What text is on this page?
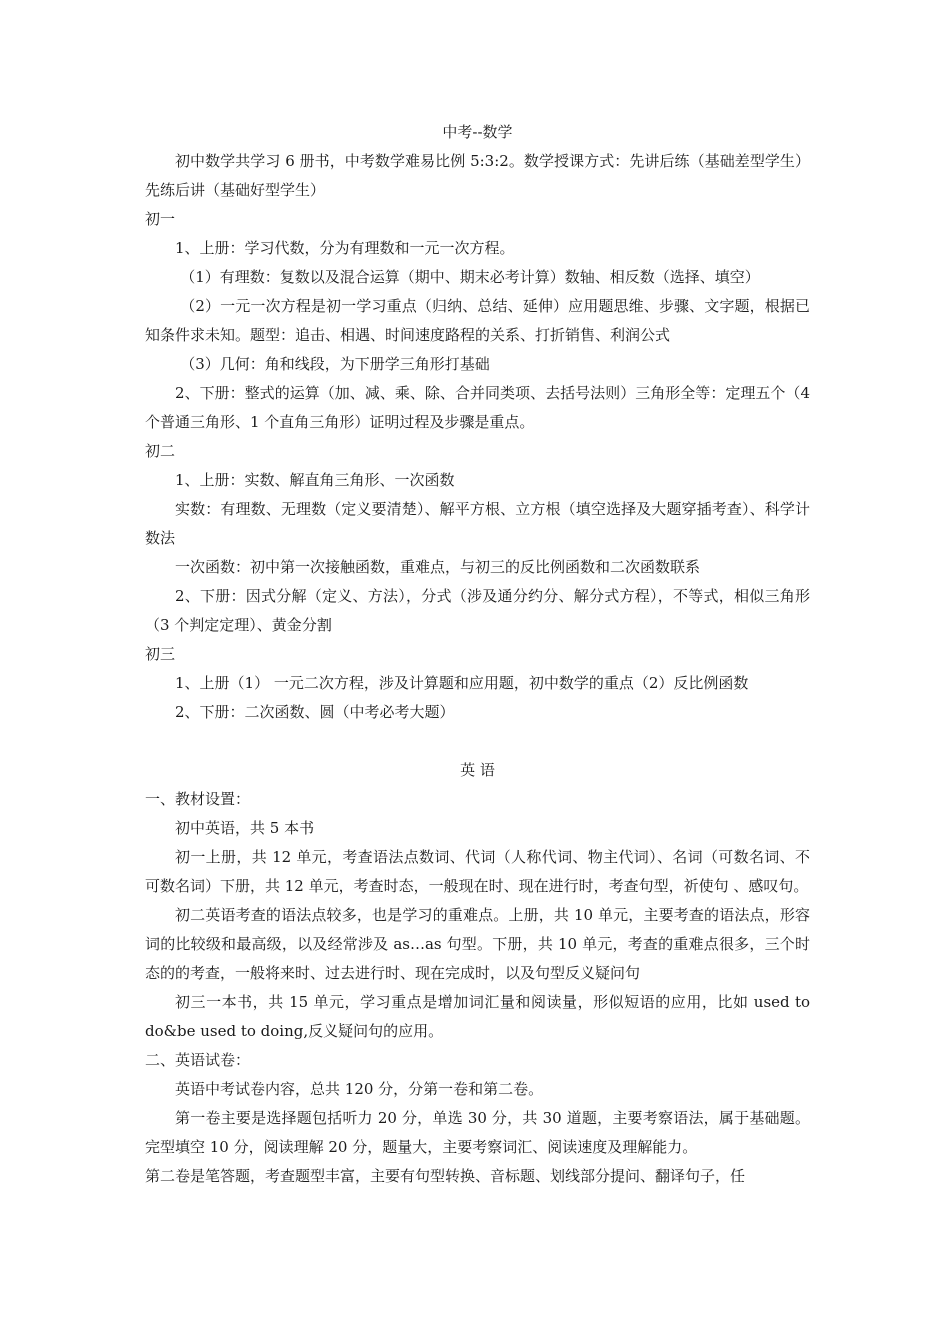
中考--数学

初中数学共学习 6 册书，中考数学难易比例 5:3:2。数学授课方式：先讲后练（基础差型学生）先练后讲（基础好型学生）

初一

1、上册：学习代数，分为有理数和一元一次方程。

（1）有理数：复数以及混合运算（期中、期末必考计算）数轴、相反数（选择、填空）

（2）一元一次方程是初一学习重点（归纳、总结、延伸）应用题思维、步骤、文字题，根据已知条件求未知。题型：追击、相遇、时间速度路程的关系、打折销售、利润公式

（3）几何：角和线段，为下册学三角形打基础

2、下册：整式的运算（加、减、乘、除、合并同类项、去括号法则）三角形全等：定理五个（4 个普通三角形、1 个直角三角形）证明过程及步骤是重点。

初二

1、上册：实数、解直角三角形、一次函数

实数：有理数、无理数（定义要清楚）、解平方根、立方根（填空选择及大题穿插考查）、科学计数法

一次函数：初中第一次接触函数，重难点，与初三的反比例函数和二次函数联系

2、下册：因式分解（定义、方法），分式（涉及通分约分、解分式方程），不等式，相似三角形（3 个判定定理）、黄金分割

初三

1、上册（1） 一元二次方程，涉及计算题和应用题，初中数学的重点（2）反比例函数

2、下册：二次函数、圆（中考必考大题）

英 语

一、教材设置：

初中英语，共 5 本书

初一上册，共 12 单元，考查语法点数词、代词（人称代词、物主代词）、名词（可数名词、不可数名词）下册，共 12 单元，考查时态，一般现在时、现在进行时，考查句型，祈使句 、感叹句。

初二英语考查的语法点较多，也是学习的重难点。上册，共 10 单元，主要考查的语法点，形容词的比较级和最高级，以及经常涉及 as…as 句型。下册，共 10 单元，考查的重难点很多，三个时态的的考查，一般将来时、过去进行时、现在完成时，以及句型反义疑问句

初三一本书，共 15 单元，学习重点是增加词汇量和阅读量，形似短语的应用，比如 used to do&be used to doing,反义疑问句的应用。

二、英语试卷：

英语中考试卷内容，总共 120 分，分第一卷和第二卷。

第一卷主要是选择题包括听力 20 分，单选 30 分，共 30 道题，主要考察语法，属于基础题。完型填空 10 分，阅读理解 20 分，题量大，主要考察词汇、阅读速度及理解能力。

第二卷是笔答题，考查题型丰富，主要有句型转换、音标题、划线部分提问、翻译句子，任
